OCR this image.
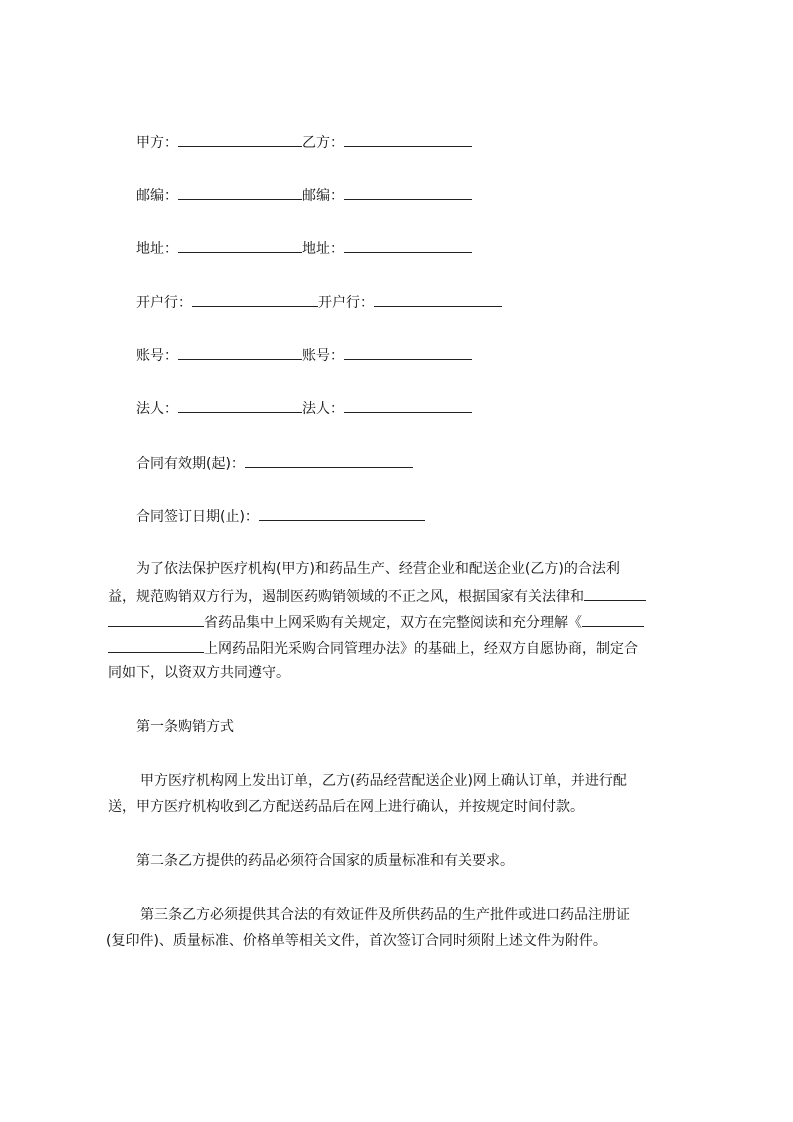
甲方：	乙方：
邮编：	邮编：
地址：	地址：
开户行：	开户行：
账号：	账号：
法人：	法人：
合同有效期(起)：
合同签订日期(止)：
为了依法保护医疗机构(甲方)和药品生产、经营企业和配送企业(乙方)的合法利
益，规范购销双方行为，遏制医药购销领域的不正之风，根据国家有关法律和
省药品集中上网采购有关规定，双方在完整阅读和充分理解《
上网药品阳光采购合同管理办法》的基础上，经双方自愿协商，制定合
同如下，以资双方共同遵守。
第一条购销方式
甲方医疗机构网上发出订单，乙方(药品经营配送企业)网上确认订单，并进行配
送，甲方医疗机构收到乙方配送药品后在网上进行确认，并按规定时间付款。
第二条乙方提供的药品必须符合国家的质量标准和有关要求。
第三条乙方必须提供其合法的有效证件及所供药品的生产批件或进口药品注册证
(复印件)、质量标准、价格单等相关文件，首次签订合同时须附上述文件为附件。
